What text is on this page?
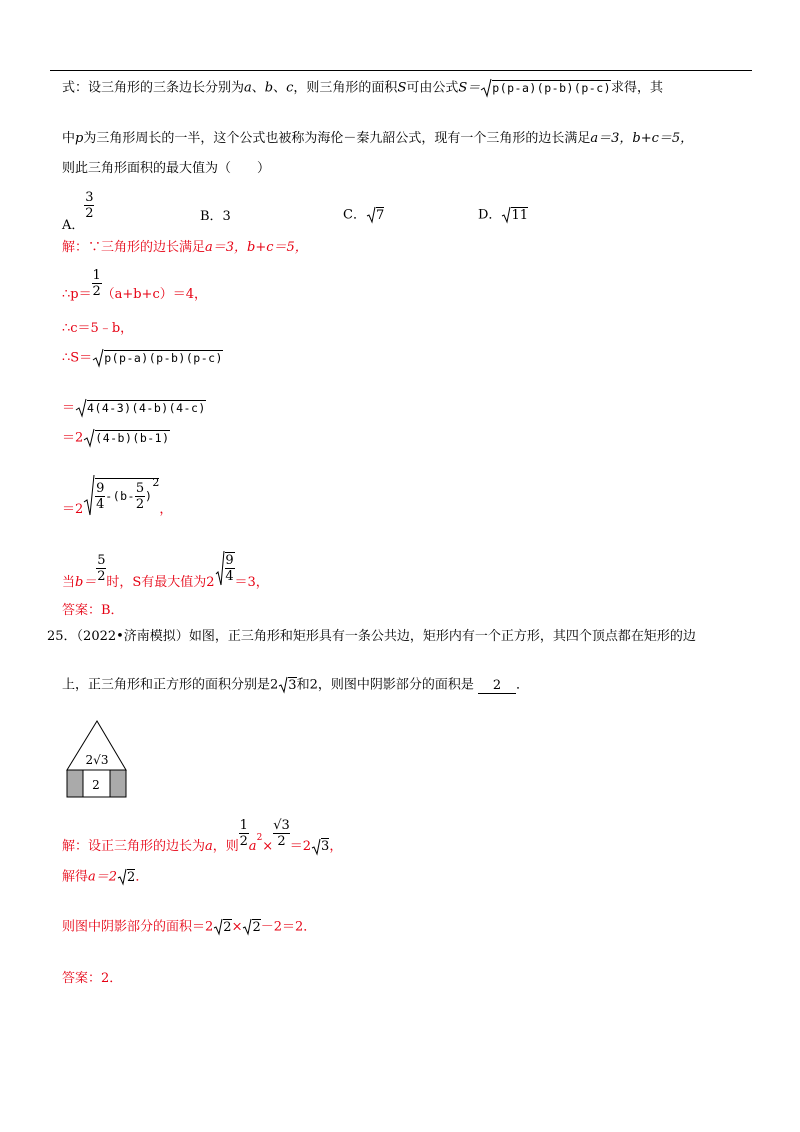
式：设三角形的三条边长分别为a、b、c，则三角形的面积S可由公式S＝ p(p-a)(p-b)(p-c)求得，其
中p为三角形周长的一半，这个公式也被称为海伦－秦九韶公式，现有一个三角形的边长满足a＝3，b+c＝5，
则此三角形面积的最大值为（　　）
A．
$\frac{3}{2}$	B．3	C． 7	D． 11
解：∵三角形的边长满足a＝3，b+c＝5，
∴p＝ $\frac{1}{2} (a+b+c)=4$，
∴c＝5﹣b，
∴S＝ p(p-a)(p-b)(p-c)
＝ 4(4-3)(4-b)(4-c)
＝2 (4-b)(b-1)
$=2 \frac{9}{4} -(b- \frac{5}{2} )^2$，
当$b= \frac{5}{2}$ 时，S有最大值为$2 \frac{9}{4} =3$，
答案：B．
25．（2022•济南模拟）如图，正三角形和矩形具有一条公共边，矩形内有一个正方形，其四个顶点都在矩形的边
上，正三角形和正方形的面积分别是2 3和2，则图中阴影部分的面积是 2 ．
2√3
2
解：设正三角形的边长为a，则 $\frac{1}{2} a^2\times \frac{√3}{2} =2$ 3，
解得a＝2 2．
则图中阴影部分的面积＝2 2× 2－2＝2．
答案：2．
